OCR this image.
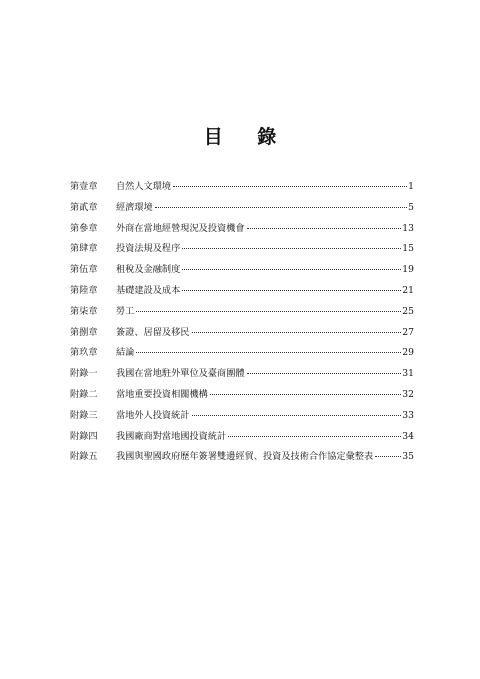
目 錄
第壹章	自然人文環境	1
第貳章	經濟環境	5
第參章	外商在當地經營現況及投資機會	13
第肆章	投資法規及程序	15
第伍章	租稅及金融制度	19
第陸章	基礎建設及成本	21
第柒章	勞工	25
第捌章	簽證、居留及移民	27
第玖章	結論	29
附錄一	我國在當地駐外單位及臺商團體	31
附錄二	當地重要投資相關機構	32
附錄三	當地外人投資統計	33
附錄四	我國廠商對當地國投資統計	34
附錄五	我國與聖國政府歷年簽署雙邊經貿、投資及技術合作協定彙整表	35
